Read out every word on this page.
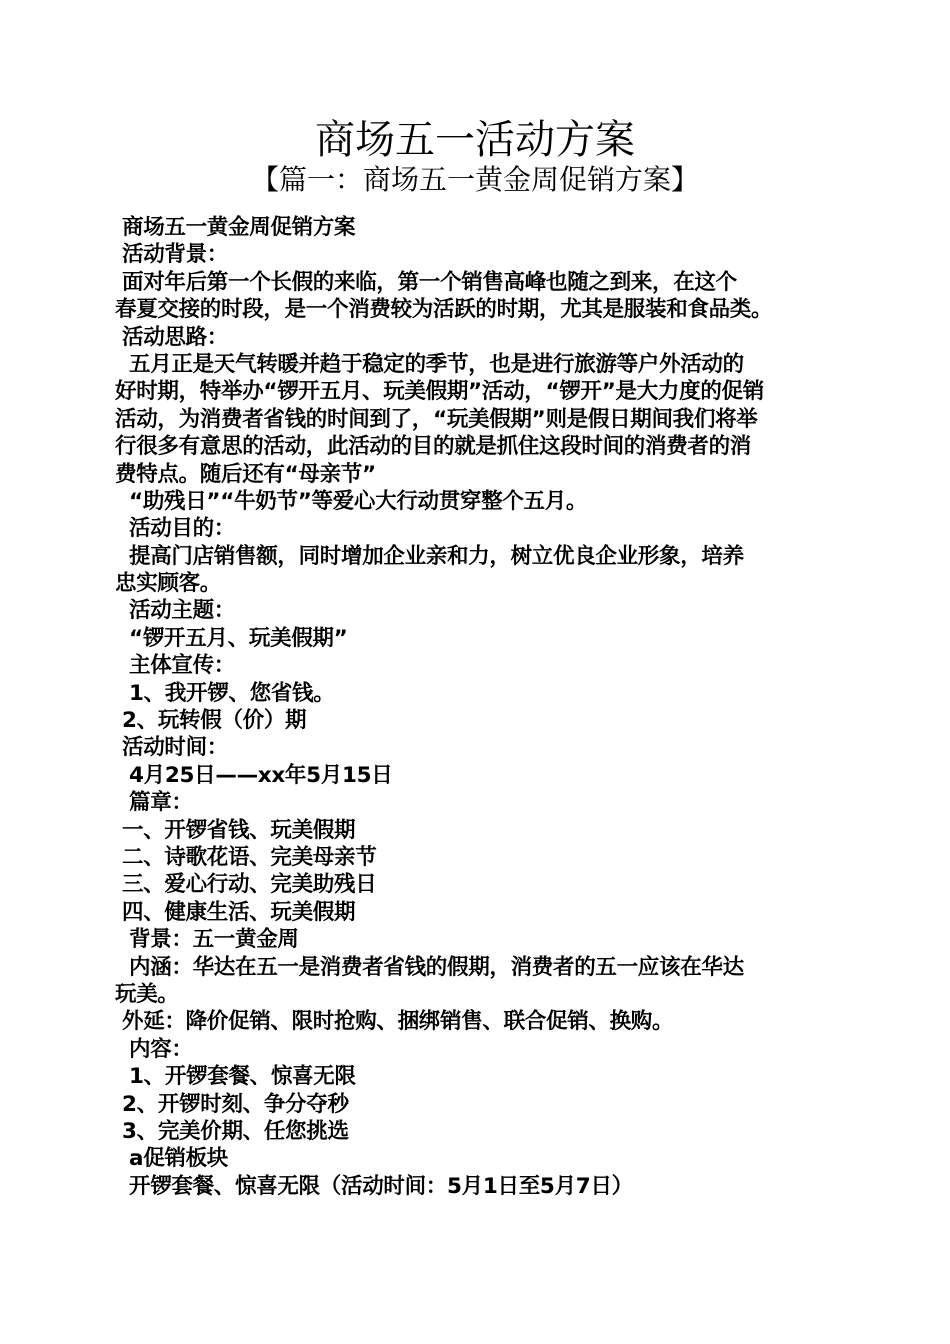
商场五一活动方案
【篇一：商场五一黄金周促销方案】
商场五一黄金周促销方案
活动背景：
面对年后第一个长假的来临，第一个销售高峰也随之到来，在这个
春夏交接的时段，是一个消费较为活跃的时期，尤其是服装和食品类。
活动思路：
五月正是天气转暖并趋于稳定的季节，也是进行旅游等户外活动的
好时期，特举办“锣开五月、玩美假期”活动，“锣开”是大力度的促销
活动，为消费者省钱的时间到了，“玩美假期”则是假日期间我们将举
行很多有意思的活动，此活动的目的就是抓住这段时间的消费者的消
费特点。随后还有“母亲节”
“助残日”“牛奶节”等爱心大行动贯穿整个五月。
活动目的：
提高门店销售额，同时增加企业亲和力，树立优良企业形象，培养
忠实顾客。
活动主题：
“锣开五月、玩美假期”
主体宣传：
1、我开锣、您省钱。
2、玩转假（价）期
活动时间：
4月25日——xx年5月15日
篇章：
一、开锣省钱、玩美假期
二、诗歌花语、完美母亲节
三、爱心行动、完美助残日
四、健康生活、玩美假期
背景：五一黄金周
内涵：华达在五一是消费者省钱的假期，消费者的五一应该在华达
玩美。
外延：降价促销、限时抢购、捆绑销售、联合促销、换购。
内容：
1、开锣套餐、惊喜无限
2、开锣时刻、争分夺秒
3、完美价期、任您挑选
a促销板块
开锣套餐、惊喜无限（活动时间：5月1日至5月7日）
